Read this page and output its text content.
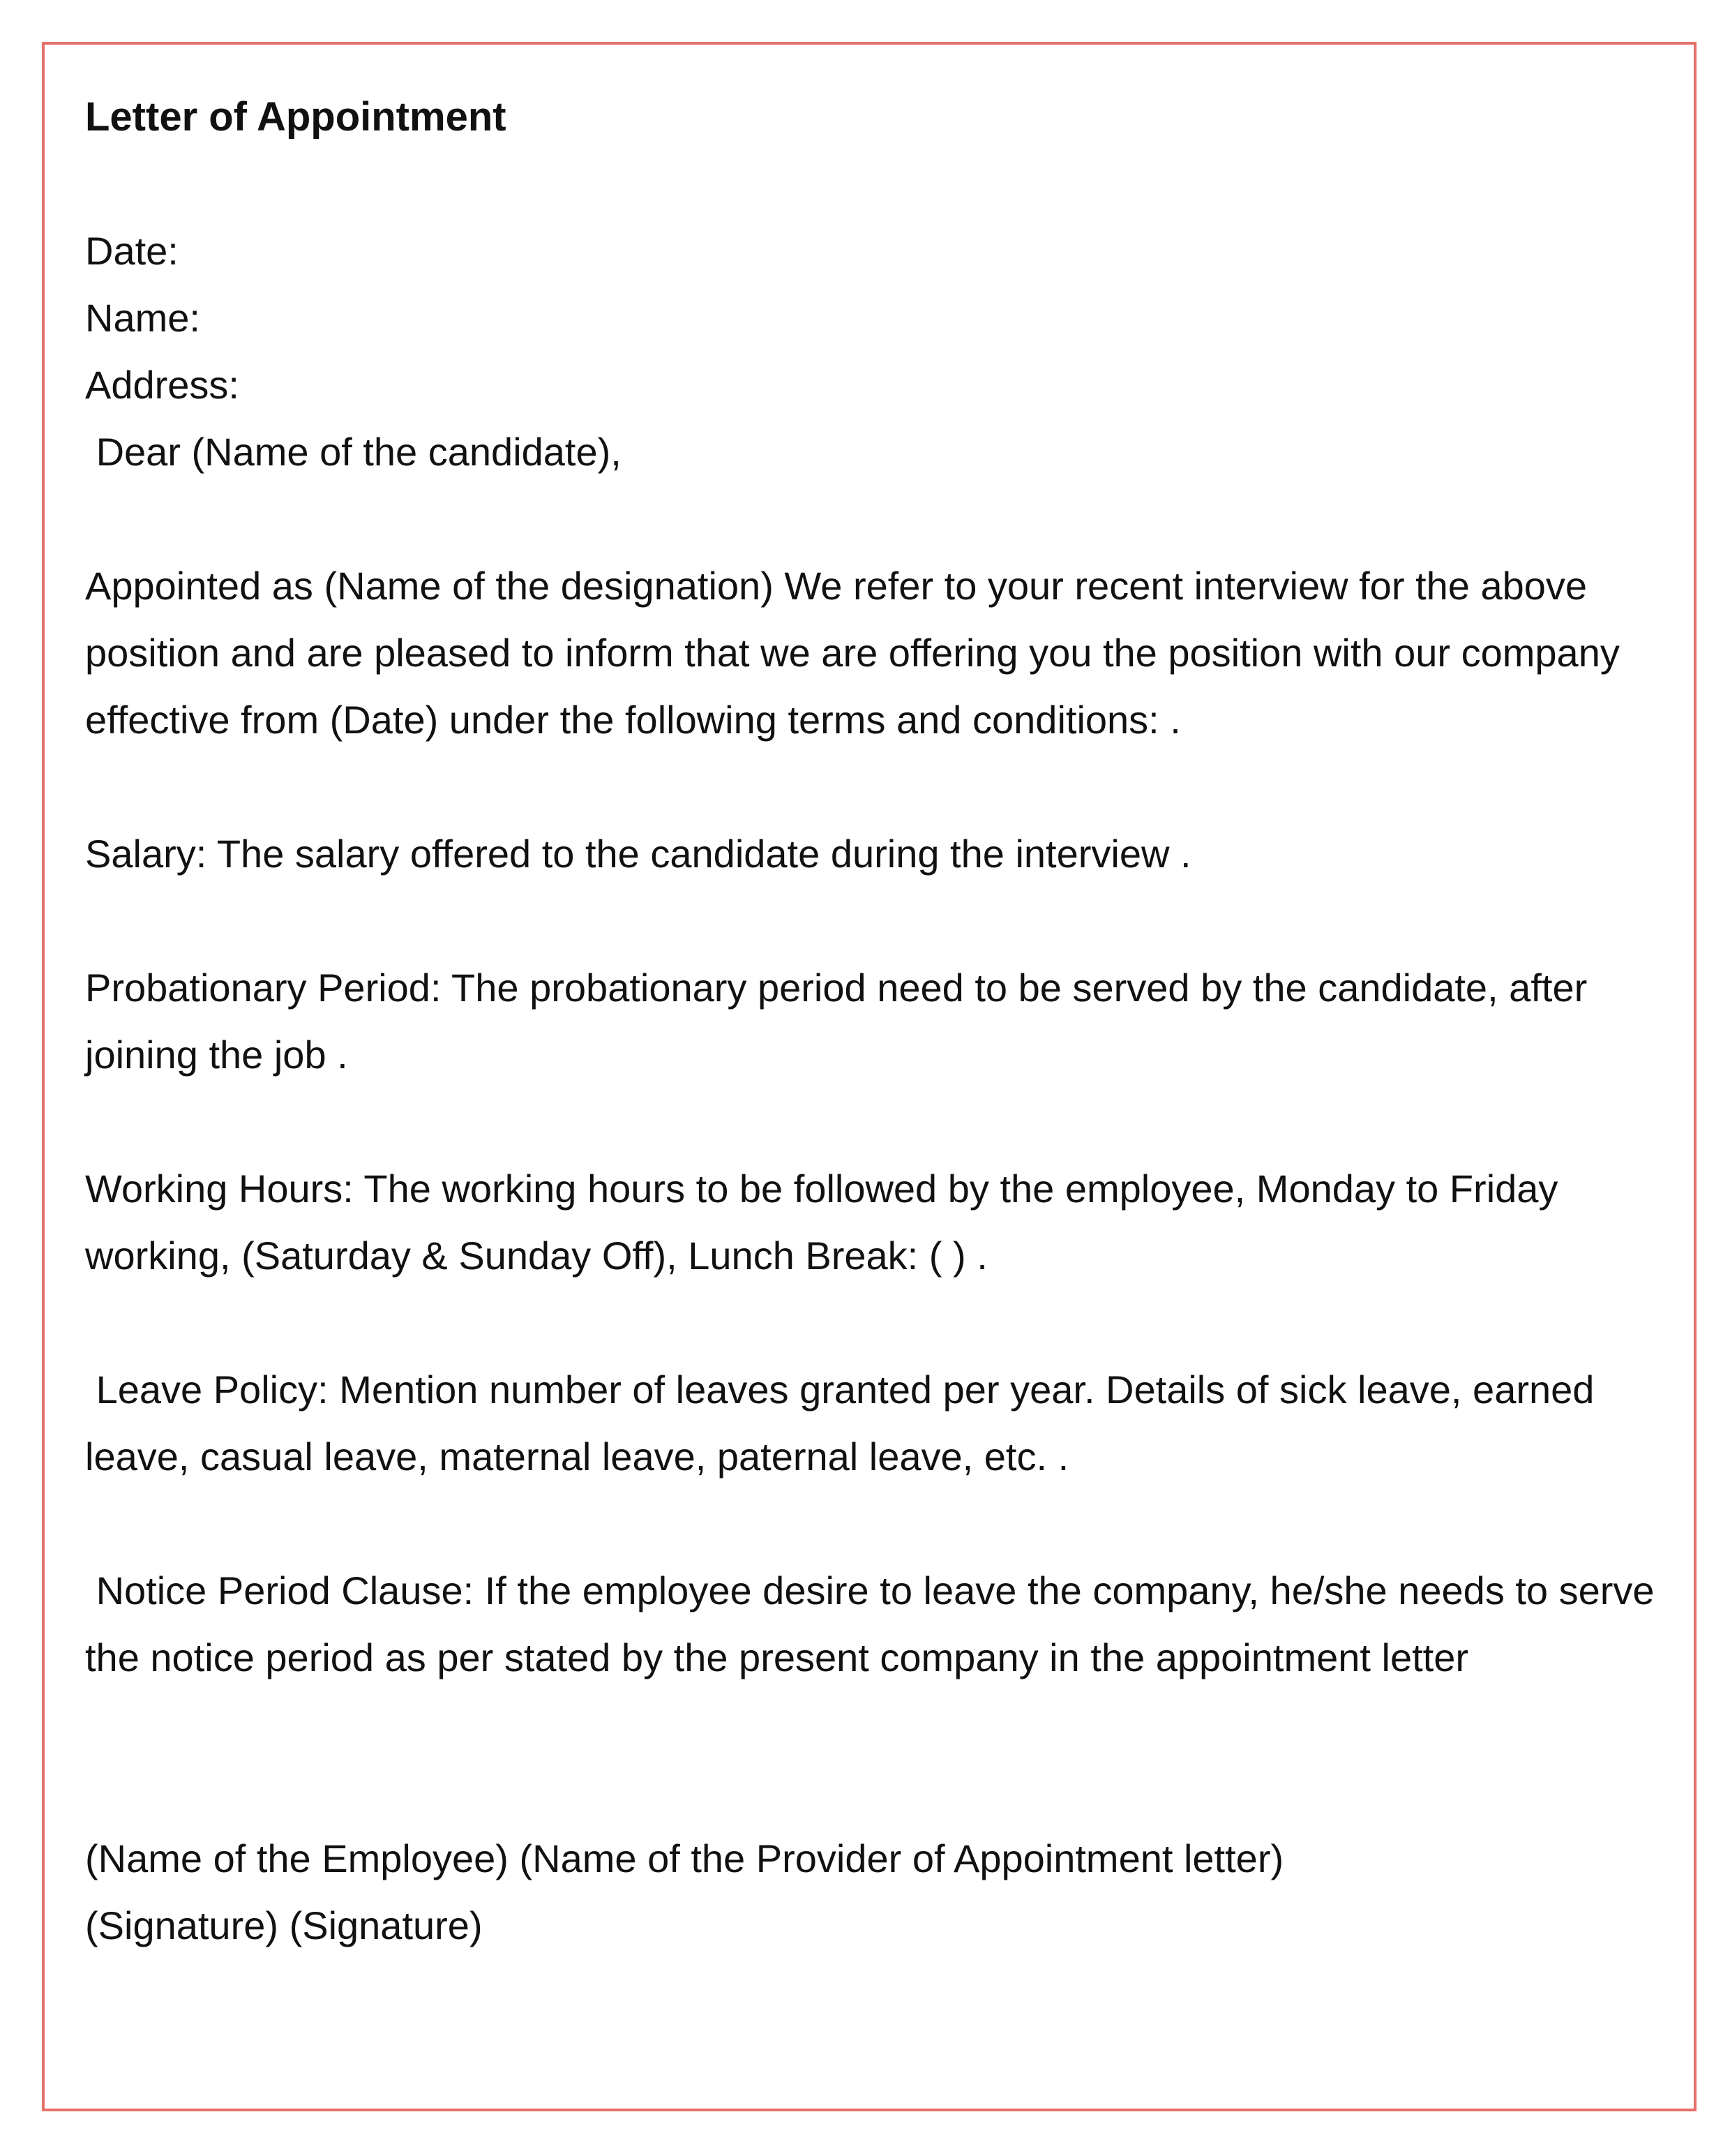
Letter of Appointment

Date:

Name:

Address:

Dear (Name of the candidate),

Appointed as (Name of the designation) We refer to your recent interview for the above position and are pleased to inform that we are offering you the position with our company effective from (Date) under the following terms and conditions: .

Salary: The salary offered to the candidate during the interview .

Probationary Period: The probationary period need to be served by the candidate, after joining the job .

Working Hours: The working hours to be followed by the employee, Monday to Friday working, (Saturday & Sunday Off), Lunch Break: ( ) .

Leave Policy: Mention number of leaves granted per year. Details of sick leave, earned leave, casual leave, maternal leave, paternal leave, etc. .

Notice Period Clause: If the employee desire to leave the company, he/she needs to serve the notice period as per stated by the present company in the appointment letter

(Name of the Employee) (Name of the Provider of Appointment letter)

(Signature) (Signature)
